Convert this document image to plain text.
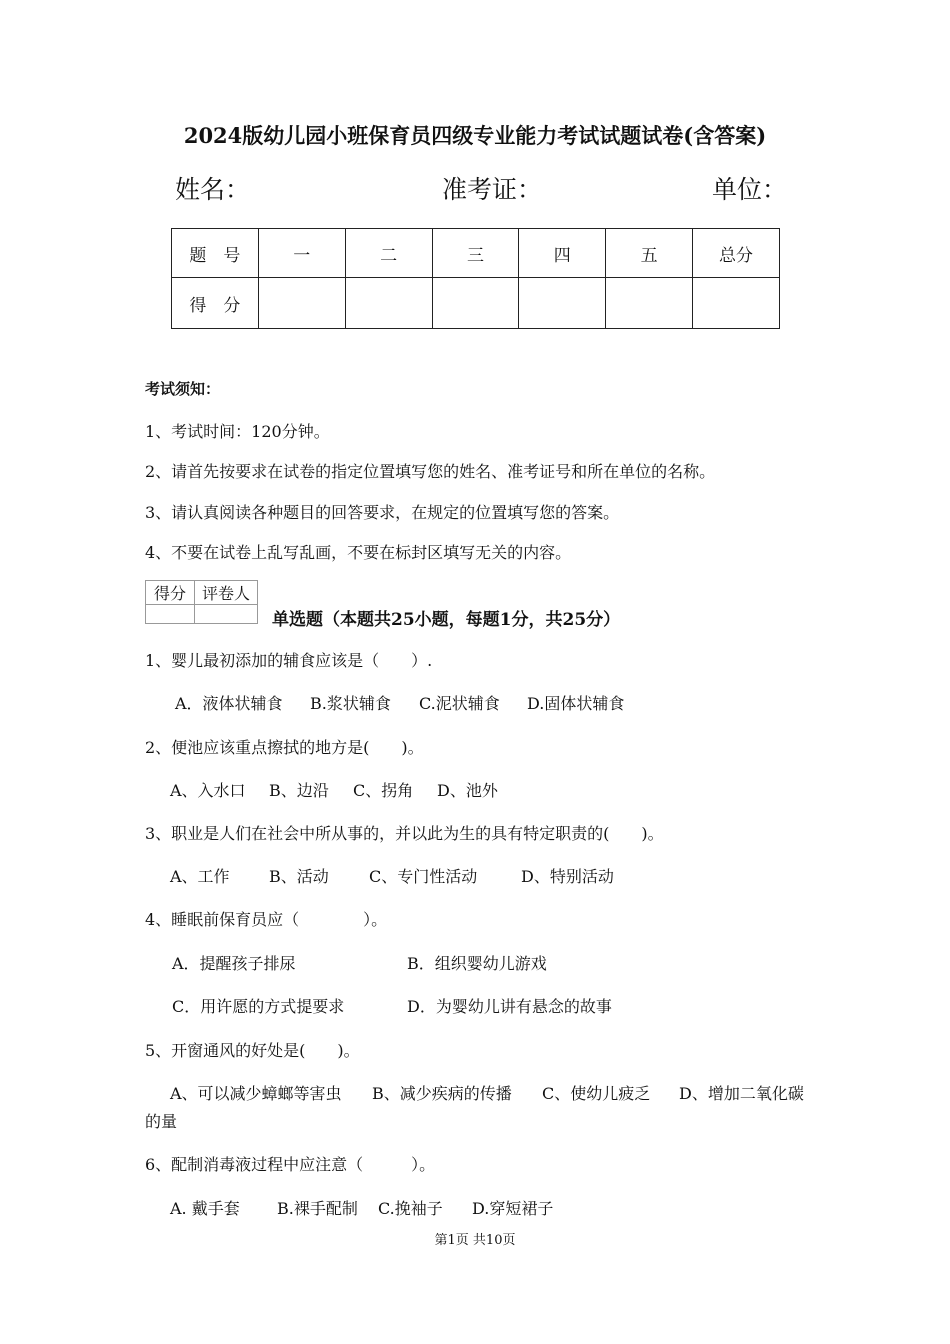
2024版幼儿园小班保育员四级专业能力考试试题试卷(含答案)
姓名：	准考证：	单位：
题　号	一	二	三	四	五	总分
得　分						
考试须知：
1、考试时间：120分钟。
2、请首先按要求在试卷的指定位置填写您的姓名、准考证号和所在单位的名称。
3、请认真阅读各种题目的回答要求，在规定的位置填写您的答案。
4、不要在试卷上乱写乱画，不要在标封区填写无关的内容。
得分	评卷人

单选题（本题共25小题，每题1分，共25分）
1、婴儿最初添加的辅食应该是（　　）.
A．液体状辅食 B.浆状辅食 C.泥状辅食 D.固体状辅食
2、便池应该重点擦拭的地方是(　　)。
A、入水口 B、边沿 C、拐角 D、池外
3、职业是人们在社会中所从事的，并以此为生的具有特定职责的(　　)。
A、工作 B、活动	C、专门性活动	D、特别活动
4、睡眠前保育员应（　　　　）。
A．提醒孩子排尿	B．组织婴幼儿游戏
C．用许愿的方式提要求	D．为婴幼儿讲有悬念的故事
5、开窗通风的好处是(　　)。
A、可以减少蟑螂等害虫 B、减少疾病的传播 C、使幼儿疲乏 D、增加二氧化碳
的量
6、配制消毒液过程中应注意（　　　）。
A. 戴手套 B.裸手配制 C.挽袖子 D.穿短裙子
第1页 共10页
